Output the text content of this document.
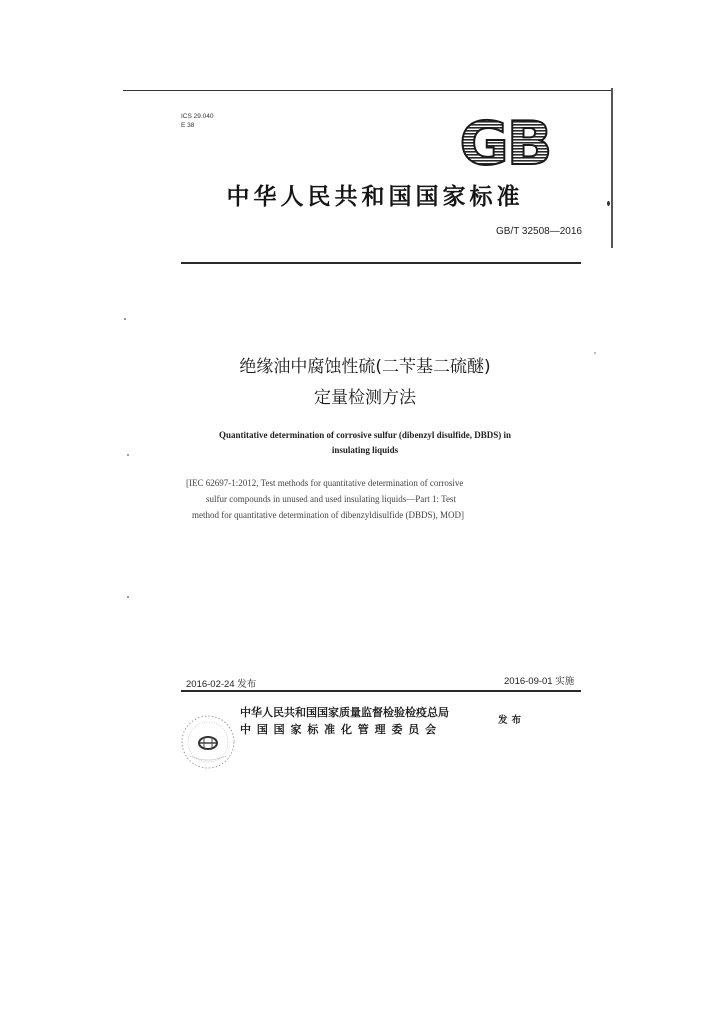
ICS 29.040
E 38	GB
中华人民共和国国家标准
GB/T 32508—2016
绝缘油中腐蚀性硫(二苄基二硫醚)
定量检测方法
Quantitative determination of corrosive sulfur (dibenzyl disulfide, DBDS) in
insulating liquids
[IEC 62697-1:2012, Test methods for quantitative determination of corrosive
sulfur compounds in unused and used insulating liquids—Part 1: Test
method for quantitative determination of dibenzyldisulfide (DBDS), MOD]
2016-02-24 发布	2016-09-01 实施
中华人民共和国国家质量监督检验检疫总局
中 国 国 家 标 准 化 管 理 委 员 会
发布
